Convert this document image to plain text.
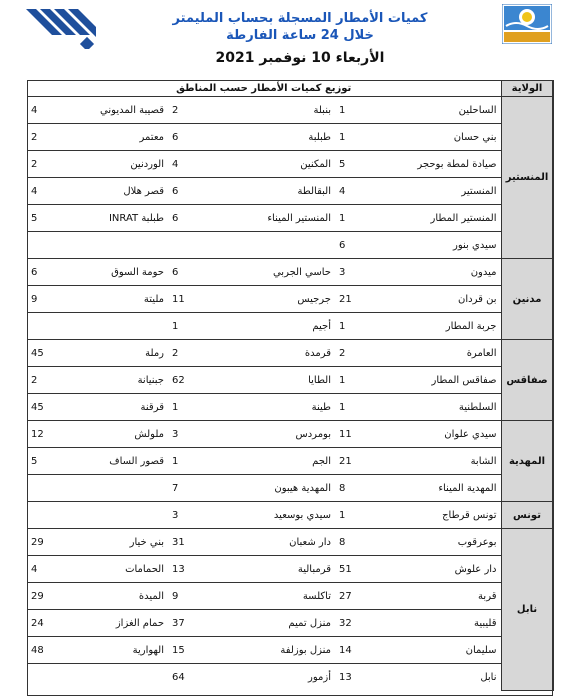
كميات الأمطار المسجلة بحساب المليمتر
خلال 24 ساعة الفارطة
الأربعاء 10 نوفمبر 2021
الولاية	توزيع كميات الأمطار حسب المناطق					
المنستير	الساحلين	1	بنبلة	2	قصيبة المديوني	4
	بني حسان	1	طبلبة	6	معتمر	2
	صيادة لمطة بوحجر	5	المكنين	4	الوردنين	2
	المنستير	4	البقالطة	6	قصر هلال	4
	المنستير المطار	1	المنستير الميناء	6	طبلبة INRAT	5
	سيدي بنور	6				
مدنين	ميدون	3	حاسي الجربي	6	حومة السوق	6
	بن قردان	21	جرجيس	11	مليتة	9
	جربة المطار	1	أجيم	1		
صفاقس	العامرة	2	قرمدة	2	رملة	45
	صفاقس المطار	1	الطايا	62	جبنيانة	2
	السلطنية	1	طينة	1	قرقنة	45
المهدية	سيدي علوان	11	بومردس	3	ملولش	12
	الشابة	21	الجم	1	قصور الساف	5
	المهدية الميناء	8	المهدية هيبون	7		
تونس	تونس قرطاج	1	سيدي بوسعيد	3		
نابل	بوعرقوب	8	دار شعبان	31	بني خيار	29
	دار علوش	51	قرمبالية	13	الحمامات	4
	قربة	27	تاكلسة	9	الميدة	29
	قليبية	32	منزل تميم	37	حمام الغزاز	24
	سليمان	14	منزل بوزلفة	15	الهوارية	48
	نابل	13	أزمور	64		
